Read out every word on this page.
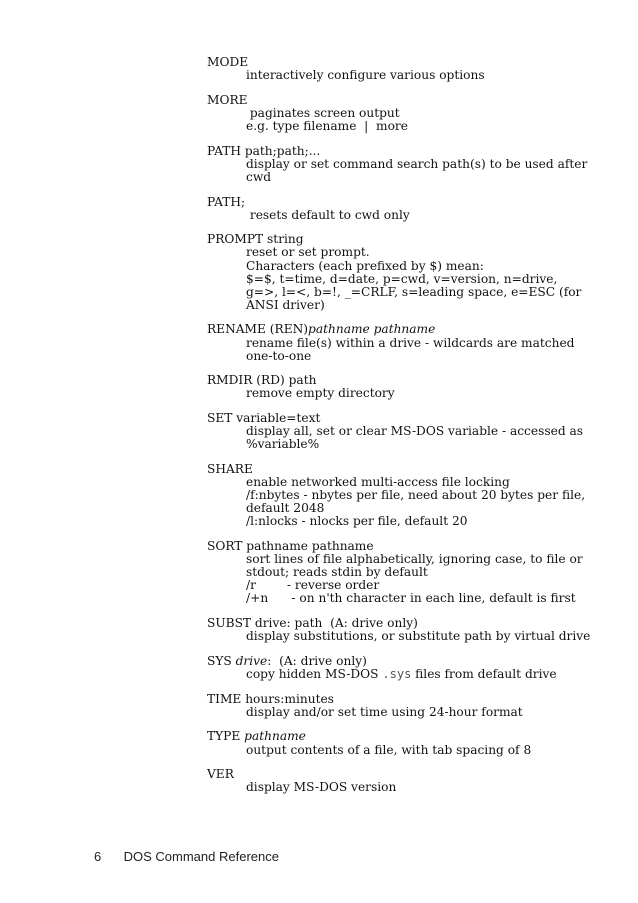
MODE
interactively configure various options
MORE
paginates screen output
e.g. type filename  |  more
PATH path;path;...
display or set command search path(s) to be used after
cwd
PATH;
resets default to cwd only
PROMPT string
reset or set prompt.
Characters (each prefixed by $) mean:
$=$, t=time, d=date, p=cwd, v=version, n=drive,
g=>, l=<, b=!, _=CRLF, s=leading space, e=ESC (for
ANSI driver)
RENAME (REN)pathname pathname
rename file(s) within a drive - wildcards are matched
one-to-one
RMDIR (RD) path
remove empty directory
SET variable=text
display all, set or clear MS-DOS variable - accessed as
%variable%
SHARE
enable networked multi-access file locking
/f:nbytes - nbytes per file, need about 20 bytes per file,
default 2048
/l:nlocks - nlocks per file, default 20
SORT pathname pathname
sort lines of file alphabetically, ignoring case, to file or
stdout; reads stdin by default
/r        - reverse order
/+n      - on n'th character in each line, default is first
SUBST drive: path  (A: drive only)
display substitutions, or substitute path by virtual drive
SYS drive:  (A: drive only)
copy hidden MS-DOS .sys files from default drive
TIME hours:minutes
display and/or set time using 24-hour format
TYPE pathname
output contents of a file, with tab spacing of 8
VER
display MS-DOS version
6 DOS Command Reference
